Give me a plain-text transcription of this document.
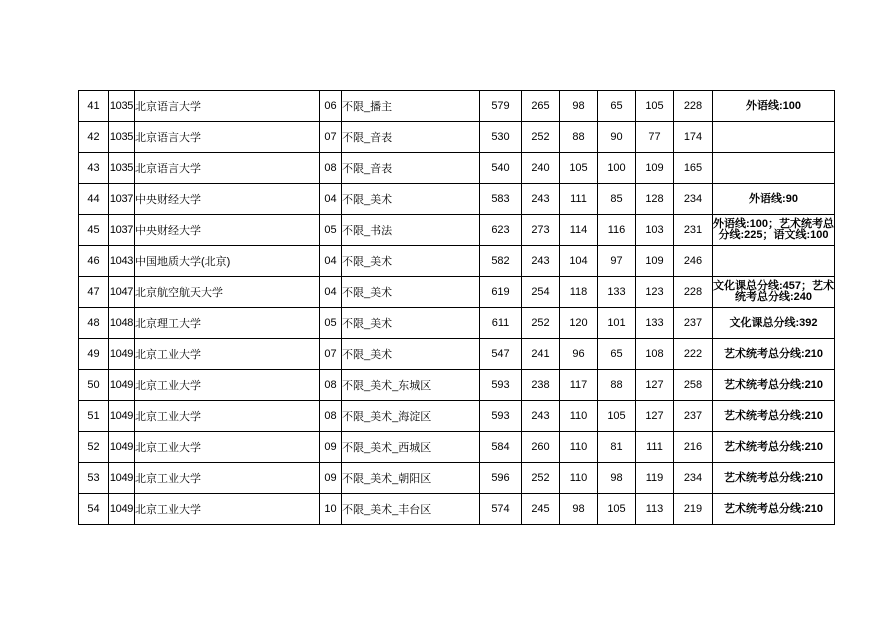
41	1035	北京语言大学	06	不限_播主	579	265	98	65	105	228	外语线:100
42	1035	北京语言大学	07	不限_音表	530	252	88	90	77	174	
43	1035	北京语言大学	08	不限_音表	540	240	105	100	109	165	
44	1037	中央财经大学	04	不限_美术	583	243	111	85	128	234	外语线:90
45	1037	中央财经大学	05	不限_书法	623	273	114	116	103	231	外语线:100；艺术统考总分线:225；语文线:100
46	1043	中国地质大学(北京)	04	不限_美术	582	243	104	97	109	246	
47	1047	北京航空航天大学	04	不限_美术	619	254	118	133	123	228	文化课总分线:457；艺术统考总分线:240
48	1048	北京理工大学	05	不限_美术	611	252	120	101	133	237	文化课总分线:392
49	1049	北京工业大学	07	不限_美术	547	241	96	65	108	222	艺术统考总分线:210
50	1049	北京工业大学	08	不限_美术_东城区	593	238	117	88	127	258	艺术统考总分线:210
51	1049	北京工业大学	08	不限_美术_海淀区	593	243	110	105	127	237	艺术统考总分线:210
52	1049	北京工业大学	09	不限_美术_西城区	584	260	110	81	111	216	艺术统考总分线:210
53	1049	北京工业大学	09	不限_美术_朝阳区	596	252	110	98	119	234	艺术统考总分线:210
54	1049	北京工业大学	10	不限_美术_丰台区	574	245	98	105	113	219	艺术统考总分线:210
